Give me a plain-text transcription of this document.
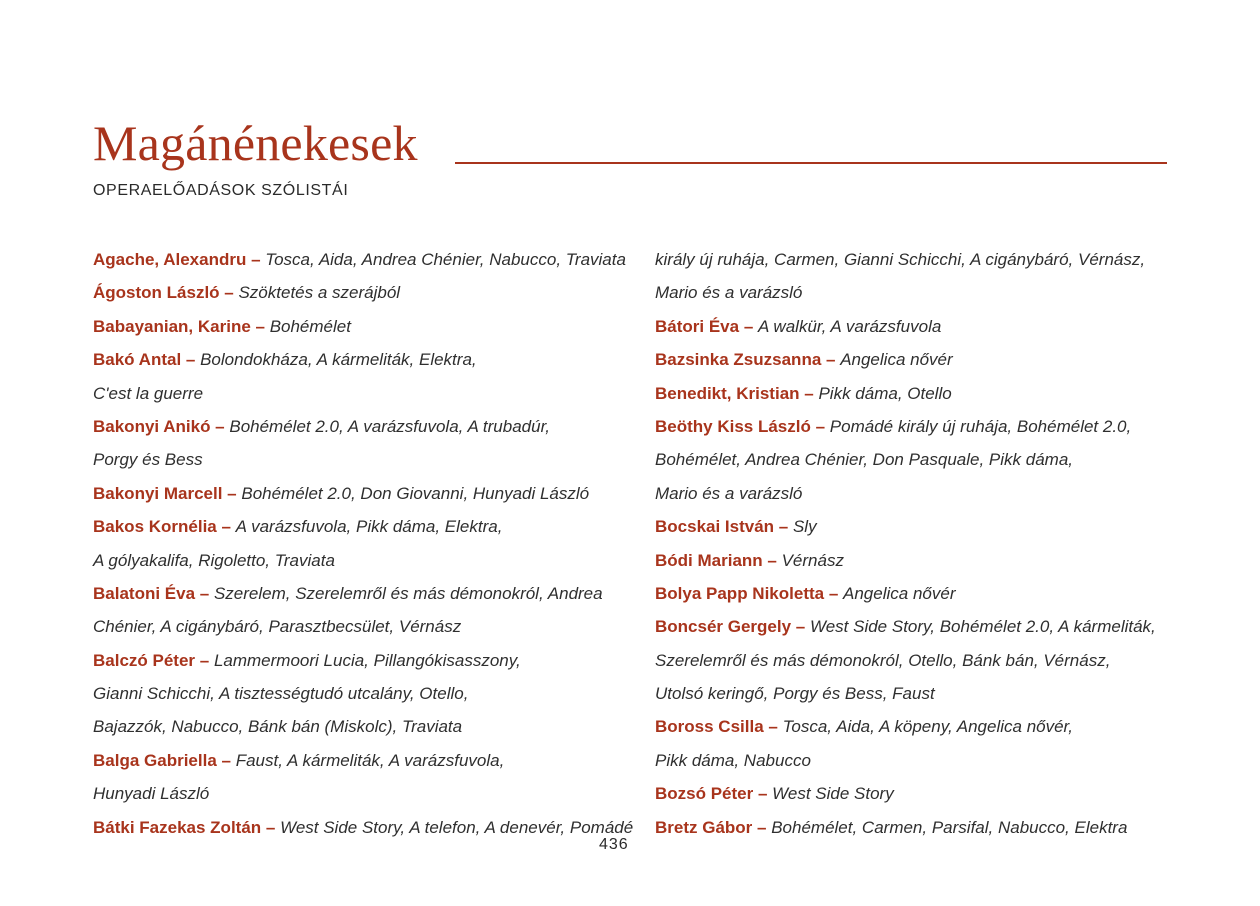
Magánénekesek
OPERAELŐADÁSOK SZÓLISTÁI
Agache, Alexandru – Tosca, Aida, Andrea Chénier, Nabucco, Traviata
Ágoston László – Szöktetés a szerájból
Babayanian, Karine – Bohémélet
Bakó Antal – Bolondokháza, A kármeliták, Elektra,
C'est la guerre
Bakonyi Anikó – Bohémélet 2.0, A varázsfuvola, A trubadúr,
Porgy és Bess
Bakonyi Marcell – Bohémélet 2.0, Don Giovanni, Hunyadi László
Bakos Kornélia – A varázsfuvola, Pikk dáma, Elektra,
A gólyakalifa, Rigoletto, Traviata
Balatoni Éva – Szerelem, Szerelemről és más démonokról, Andrea
Chénier, A cigánybáró, Parasztbecsület, Vérnász
Balczó Péter – Lammermoori Lucia, Pillangókisasszony,
Gianni Schicchi, A tisztességtudó utcalány, Otello,
Bajazzók, Nabucco, Bánk bán (Miskolc), Traviata
Balga Gabriella – Faust, A kármeliták, A varázsfuvola,
Hunyadi László
Bátki Fazekas Zoltán – West Side Story, A telefon, A denevér, Pomádé
király új ruhája, Carmen, Gianni Schicchi, A cigánybáró, Vérnász,
Mario és a varázsló
Bátori Éva – A walkür, A varázsfuvola
Bazsinka Zsuzsanna – Angelica nővér
Benedikt, Kristian – Pikk dáma, Otello
Beöthy Kiss László – Pomádé király új ruhája, Bohémélet 2.0,
Bohémélet, Andrea Chénier, Don Pasquale, Pikk dáma,
Mario és a varázsló
Bocskai István – Sly
Bódi Mariann – Vérnász
Bolya Papp Nikoletta – Angelica nővér
Boncsér Gergely – West Side Story, Bohémélet 2.0, A kármeliták,
Szerelemről és más démonokról, Otello, Bánk bán, Vérnász,
Utolsó keringő, Porgy és Bess, Faust
Boross Csilla – Tosca, Aida, A köpeny, Angelica nővér,
Pikk dáma, Nabucco
Bozsó Péter – West Side Story
Bretz Gábor – Bohémélet, Carmen, Parsifal, Nabucco, Elektra
436
